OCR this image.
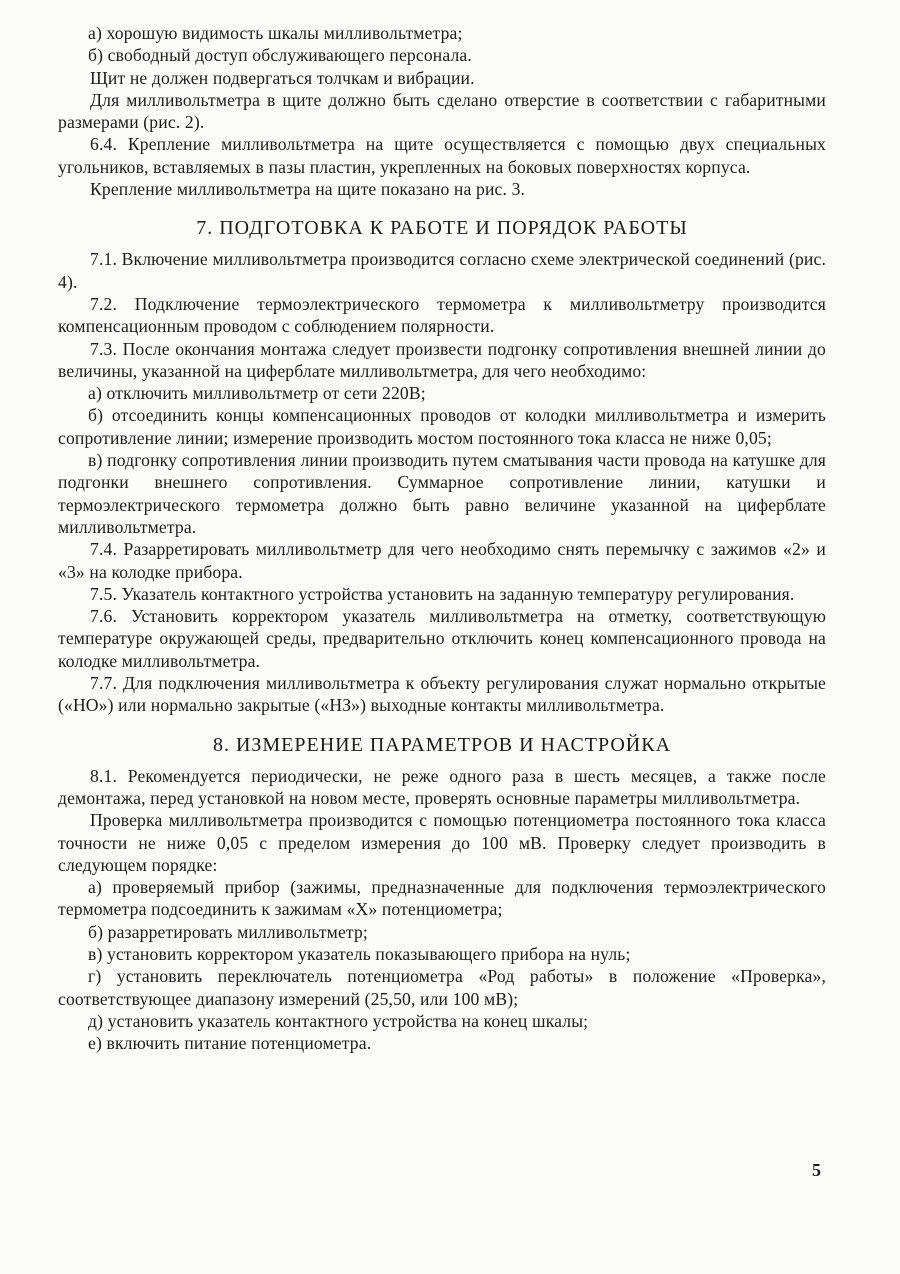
а) хорошую видимость шкалы милливольтметра;

б) свободный доступ обслуживающего персонала.

Щит не должен подвергаться толчкам и вибрации.

Для милливольтметра в щите должно быть сделано отверстие в соответствии с габаритными размерами (рис. 2).

6.4. Крепление милливольтметра на щите осуществляется с помощью двух специальных угольников, вставляемых в пазы пластин, укрепленных на боковых поверхностях корпуса.

Крепление милливольтметра на щите показано на рис. 3.

7. ПОДГОТОВКА К РАБОТЕ И ПОРЯДОК РАБОТЫ

7.1. Включение милливольтметра производится согласно схеме электрической соединений (рис. 4).

7.2. Подключение термоэлектрического термометра к милливольтметру производится компенсационным проводом с соблюдением полярности.

7.3. После окончания монтажа следует произвести подгонку сопротивления внешней линии до величины, указанной на циферблате милливольтметра, для чего необходимо:

а) отключить милливольтметр от сети 220В;

б) отсоединить концы компенсационных проводов от колодки милливольтметра и измерить сопротивление линии; измерение производить мостом постоянного тока класса не ниже 0,05;

в) подгонку сопротивления линии производить путем сматывания части провода на катушке для подгонки внешнего сопротивления. Суммарное сопротивление линии, катушки и термоэлектрического термометра должно быть равно величине указанной на циферблате милливольтметра.

7.4. Разарретировать милливольтметр для чего необходимо снять перемычку с зажимов «2» и «3» на колодке прибора.

7.5. Указатель контактного устройства установить на заданную температуру регулирования.

7.6. Установить корректором указатель милливольтметра на отметку, соответствующую температуре окружающей среды, предварительно отключить конец компенсационного провода на колодке милливольтметра.

7.7. Для подключения милливольтметра к объекту регулирования служат нормально открытые («НО») или нормально закрытые («НЗ») выходные контакты милливольтметра.

8. ИЗМЕРЕНИЕ ПАРАМЕТРОВ И НАСТРОЙКА

8.1. Рекомендуется периодически, не реже одного раза в шесть месяцев, а также после демонтажа, перед установкой на новом месте, проверять основные параметры милливольтметра.

Проверка милливольтметра производится с помощью потенциометра постоянного тока класса точности не ниже 0,05 с пределом измерения до 100 мВ. Проверку следует производить в следующем порядке:

а) проверяемый прибор (зажимы, предназначенные для подключения термоэлектрического термометра подсоединить к зажимам «Х» потенциометра;

б) разарретировать милливольтметр;

в) установить корректором указатель показывающего прибора на нуль;

г) установить переключатель потенциометра «Род работы» в положение «Проверка», соответствующее диапазону измерений (25,50, или 100 мВ);

д) установить указатель контактного устройства на конец шкалы;

е) включить питание потенциометра.

5
